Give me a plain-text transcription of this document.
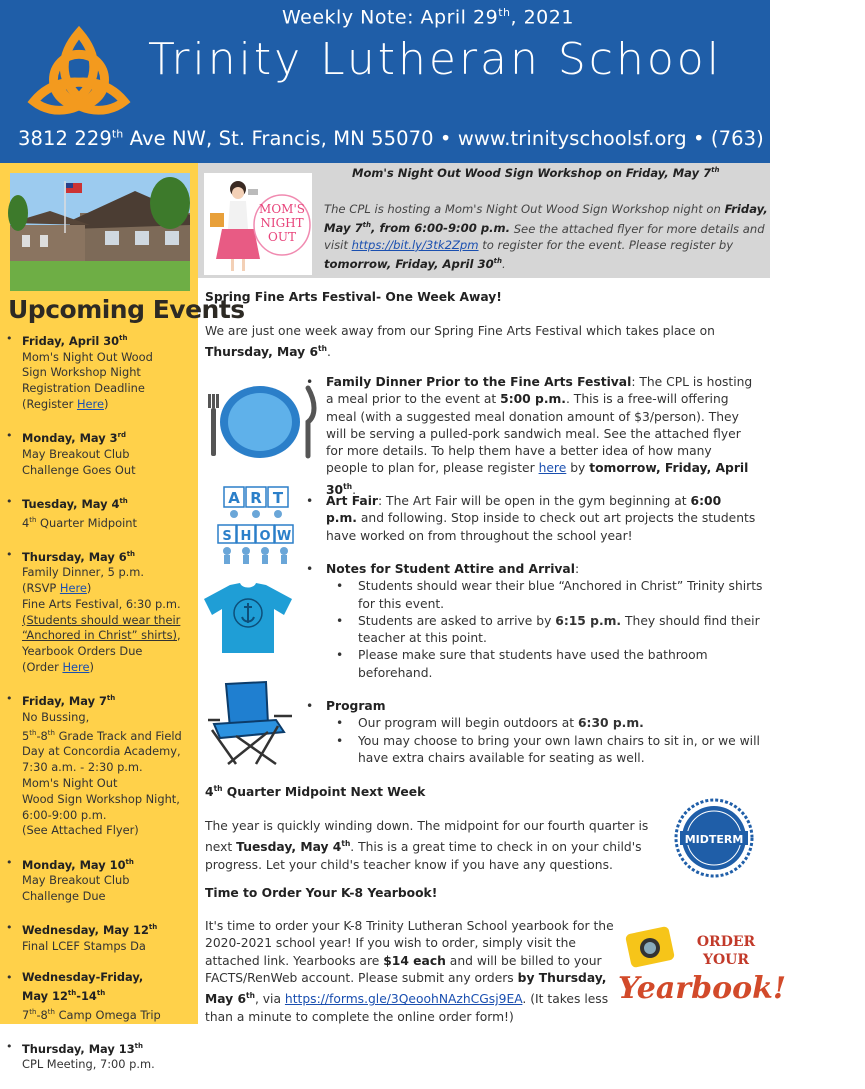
Weekly Note: April 29th, 2021
Trinity Lutheran School
3812 229th Ave NW, St. Francis, MN 55070 • www.trinityschoolsf.org • (763) 753-1234
Upcoming Events
• Friday, April 30th
Mom's Night Out Wood
Sign Workshop Night
Registration Deadline
(Register Here)
• Monday, May 3rd
May Breakout Club
Challenge Goes Out
• Tuesday, May 4th
4th Quarter Midpoint
• Thursday, May 6th
Family Dinner, 5 p.m.
(RSVP Here)
Fine Arts Festival, 6:30 p.m.
(Students should wear their
“Anchored in Christ” shirts),
Yearbook Orders Due
(Order Here)
• Friday, May 7th
No Bussing,
5th-8th Grade Track and Field
Day at Concordia Academy,
7:30 a.m. - 2:30 p.m.
Mom's Night Out
Wood Sign Workshop Night,
6:00-9:00 p.m.
(See Attached Flyer)
• Monday, May 10th
May Breakout Club
Challenge Due
• Wednesday, May 12th
Final LCEF Stamps Da
• Wednesday-Friday,
May 12th-14th
7th-8th Camp Omega Trip
• Thursday, May 13th
CPL Meeting, 7:00 p.m.
Mom's Night Out Wood Sign Workshop on Friday, May 7th
MOM'S
NIGHT
OUT
The CPL is hosting a Mom's Night Out Wood Sign Workshop night on Friday, May 7th, from 6:00-9:00 p.m. See the attached flyer for more details and visit https://bit.ly/3tk2Zpm to register for the event. Please register by tomorrow, Friday, April 30th.
Spring Fine Arts Festival- One Week Away!
We are just one week away from our Spring Fine Arts Festival which takes place on Thursday, May 6th.
• Family Dinner Prior to the Fine Arts Festival: The CPL is hosting a meal prior to the event at 5:00 p.m.. This is a free-will offering meal (with a suggested meal donation amount of $3/person). They will be serving a pulled-pork sandwich meal. See the attached flyer for more details. To help them have a better idea of how many people to plan for, please register here by tomorrow, Friday, April 30th.
A R T
S H O W
• Art Fair: The Art Fair will be open in the gym beginning at 6:00 p.m. and following. Stop inside to check out art projects the students have worked on from throughout the school year!
• Notes for Student Attire and Arrival:
• Students should wear their blue “Anchored in Christ” Trinity shirts for this event.
• Students are asked to arrive by 6:15 p.m. They should find their teacher at this point.
• Please make sure that students have used the bathroom beforehand.
• Program
• Our program will begin outdoors at 6:30 p.m.
• You may choose to bring your own lawn chairs to sit in, or we will have extra chairs available for seating as well.
4th Quarter Midpoint Next Week
The year is quickly winding down. The midpoint for our fourth quarter is next Tuesday, May 4th. This is a great time to check in on your child's progress. Let your child's teacher know if you have any questions.
MIDTERM
Time to Order Your K-8 Yearbook!
It's time to order your K-8 Trinity Lutheran School yearbook for the 2020-2021 school year! If you wish to order, simply visit the attached link. Yearbooks are $14 each and will be billed to your FACTS/RenWeb account. Please submit any orders by Thursday, May 6th, via https://forms.gle/3QeoohNAzhCGsj9EA. (It takes less than a minute to complete the online order form!)
ORDER
YOUR
Yearbook!
